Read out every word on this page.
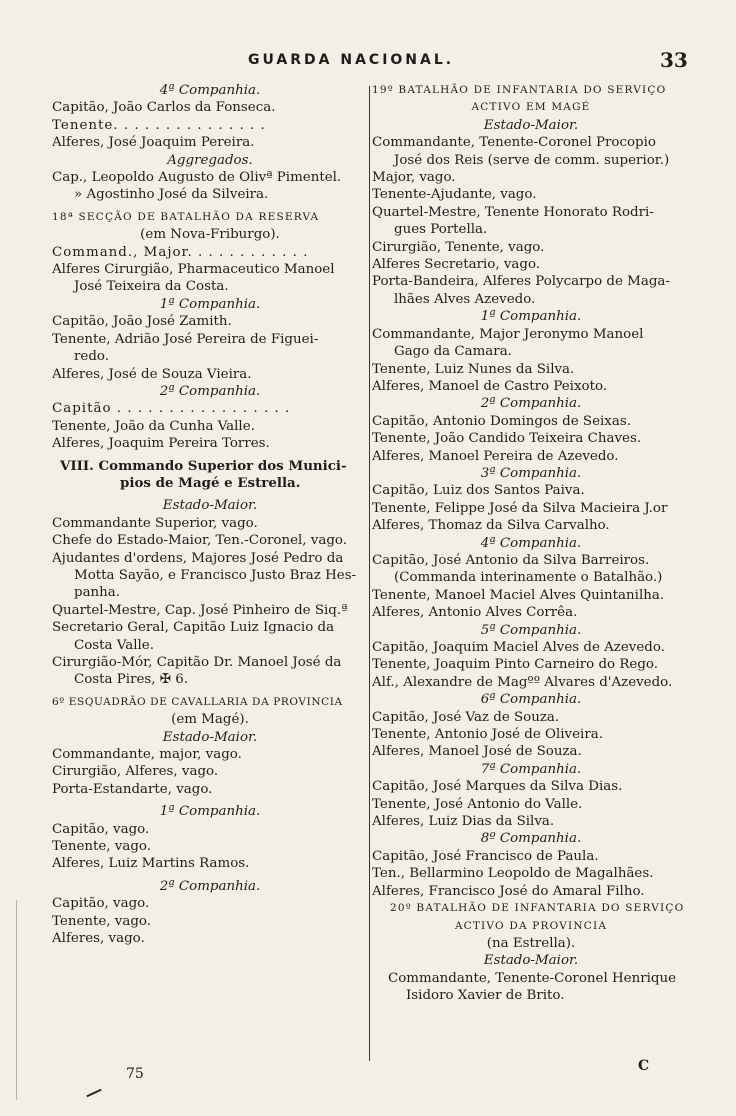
GUARDA NACIONAL.	33
4ª Companhia.
Capitão, João Carlos da Fonseca.
Tenente. . . . . . . . . . . . . . .
Alferes, José Joaquim Pereira.
Aggregados.
Cap., Leopoldo Augusto de Olivª Pimentel.
» Agostinho José da Silveira.
18ª SECÇÃO DE BATALHÃO DA RESERVA
(em Nova-Friburgo).
Command., Major. . . . . . . . . . . .
Alferes Cirurgião, Pharmaceutico Manoel
José Teixeira da Costa.
1ª Companhia.
Capitão, João José Zamith.
Tenente, Adrião José Pereira de Figuei-
redo.
Alferes, José de Souza Vieira.
2ª Companhia.
Capitão . . . . . . . . . . . . . . . . .
Tenente, João da Cunha Valle.
Alferes, Joaquim Pereira Torres.
VIII. Commando Superior dos Munici-
pios de Magé e Estrella.
Estado-Maior.
Commandante Superior, vago.
Chefe do Estado-Maior, Ten.-Coronel, vago.
Ajudantes d'ordens, Majores José Pedro da
Motta Sayão, e Francisco Justo Braz Hes-
panha.
Quartel-Mestre, Cap. José Pinheiro de Siq.ª
Secretario Geral, Capitão Luiz Ignacio da
Costa Valle.
Cirurgião-Mór, Capitão Dr. Manoel José da
Costa Pires, ✠ 6.
6º ESQUADRÃO DE CAVALLARIA DA PROVINCIA
(em Magé).
Estado-Maior.
Commandante, major, vago.
Cirurgião, Alferes, vago.
Porta-Estandarte, vago.
1ª Companhia.
Capitão, vago.
Tenente, vago.
Alferes, Luiz Martins Ramos.
2ª Companhia.
Capitão, vago.
Tenente, vago.
Alferes, vago.
19º BATALHÃO DE INFANTARIA DO SERVIÇO
ACTIVO EM MAGÉ
Estado-Maior.
Commandante, Tenente-Coronel Procopio
José dos Reis (serve de comm. superior.)
Major, vago.
Tenente-Ajudante, vago.
Quartel-Mestre, Tenente Honorato Rodri-
gues Portella.
Cirurgião, Tenente, vago.
Alferes Secretario, vago.
Porta-Bandeira, Alferes Polycarpo de Maga-
lhães Alves Azevedo.
1ª Companhia.
Commandante, Major Jeronymo Manoel
Gago da Camara.
Tenente, Luiz Nunes da Silva.
Alferes, Manoel de Castro Peixoto.
2ª Companhia.
Capitão, Antonio Domingos de Seixas.
Tenente, João Candido Teixeira Chaves.
Alferes, Manoel Pereira de Azevedo.
3ª Companhia.
Capitão, Luiz dos Santos Paiva.
Tenente, Felippe José da Silva Macieira J.or
Alferes, Thomaz da Silva Carvalho.
4ª Companhia.
Capitão, José Antonio da Silva Barreiros.
(Commanda interinamente o Batalhão.)
Tenente, Manoel Maciel Alves Quintanilha.
Alferes, Antonio Alves Corrêa.
5ª Companhia.
Capitão, Joaquim Maciel Alves de Azevedo.
Tenente, Joaquim Pinto Carneiro do Rego.
Alf., Alexandre de Magºº Alvares d'Azevedo.
6ª Companhia.
Capitão, José Vaz de Souza.
Tenente, Antonio José de Oliveira.
Alferes, Manoel José de Souza.
7ª Companhia.
Capitão, José Marques da Silva Dias.
Tenente, José Antonio do Valle.
Alferes, Luiz Dias da Silva.
8º Companhia.
Capitão, José Francisco de Paula.
Ten., Bellarmino Leopoldo de Magalhães.
Alferes, Francisco José do Amaral Filho.
20º BATALHÃO DE INFANTARIA DO SERVIÇO
ACTIVO DA PROVINCIA
(na Estrella).
Estado-Maior.
Commandante, Tenente-Coronel Henrique
Isidoro Xavier de Brito.
75	C
